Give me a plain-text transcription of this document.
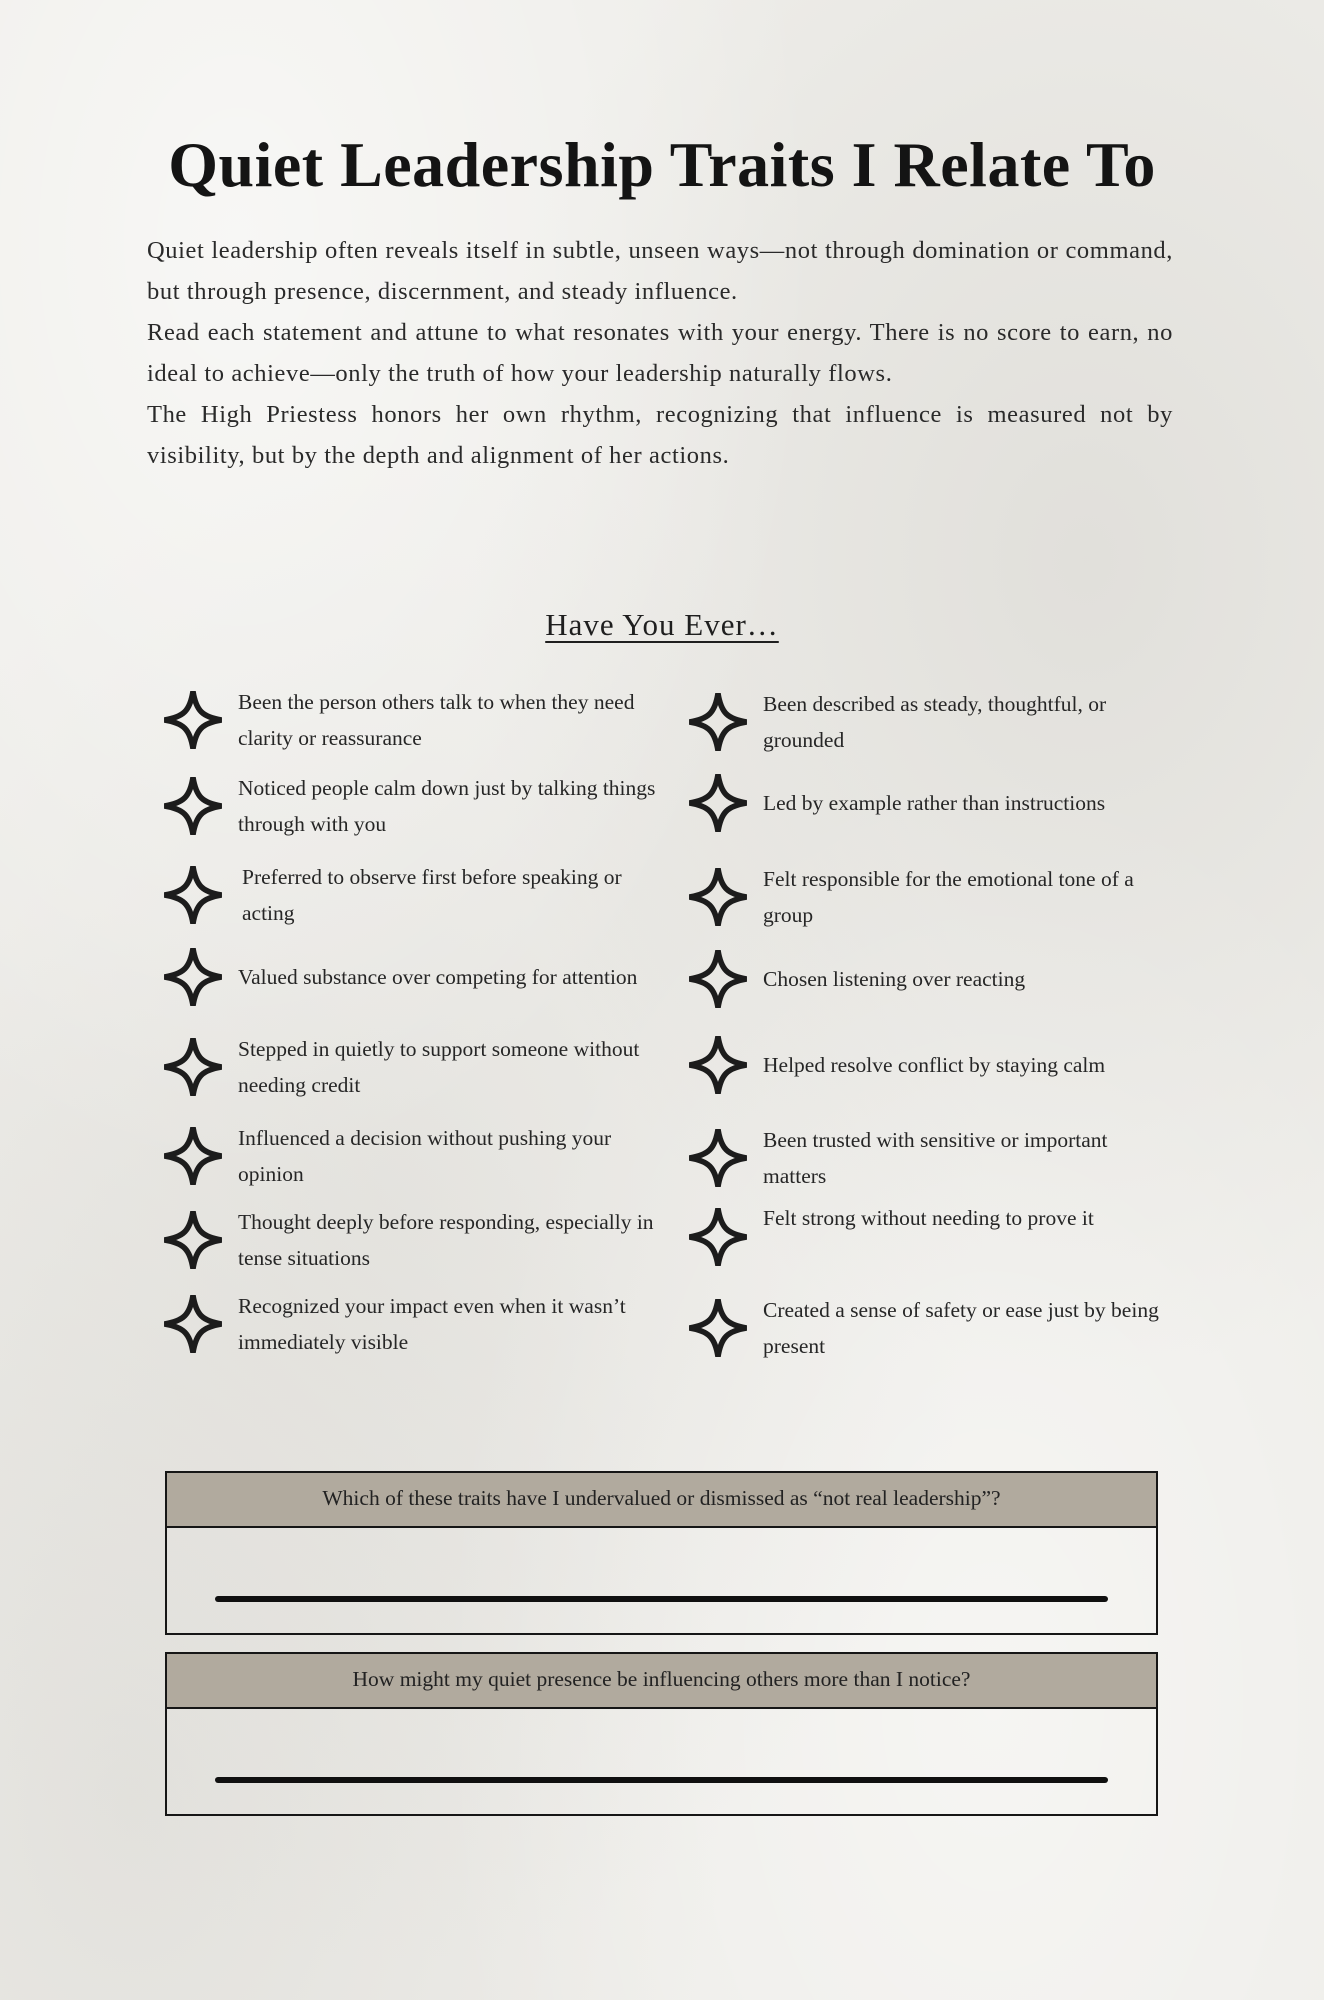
Quiet Leadership Traits I Relate To

Quiet leadership often reveals itself in subtle, unseen ways—not through domination or command, but through presence, discernment, and steady influence.

Read each statement and attune to what resonates with your energy. There is no score to earn, no ideal to achieve—only the truth of how your leadership naturally flows.

The High Priestess honors her own rhythm, recognizing that influence is measured not by visibility, but by the depth and alignment of her actions.

Have You Ever…
Been the person others talk to when they need clarity or reassurance
Noticed people calm down just by talking things through with you
Preferred to observe first before speaking or acting
Valued substance over competing for attention
Stepped in quietly to support someone without needing credit
Influenced a decision without pushing your opinion
Thought deeply before responding, especially in tense situations
Recognized your impact even when it wasn’t immediately visible
Been described as steady, thoughtful, or grounded
Led by example rather than instructions
Felt responsible for the emotional tone of a group
Chosen listening over reacting
Helped resolve conflict by staying calm
Been trusted with sensitive or important matters
Felt strong without needing to prove it
Created a sense of safety or ease just by being present
Which of these traits have I undervalued or dismissed as “not real leadership”?
How might my quiet presence be influencing others more than I notice?
